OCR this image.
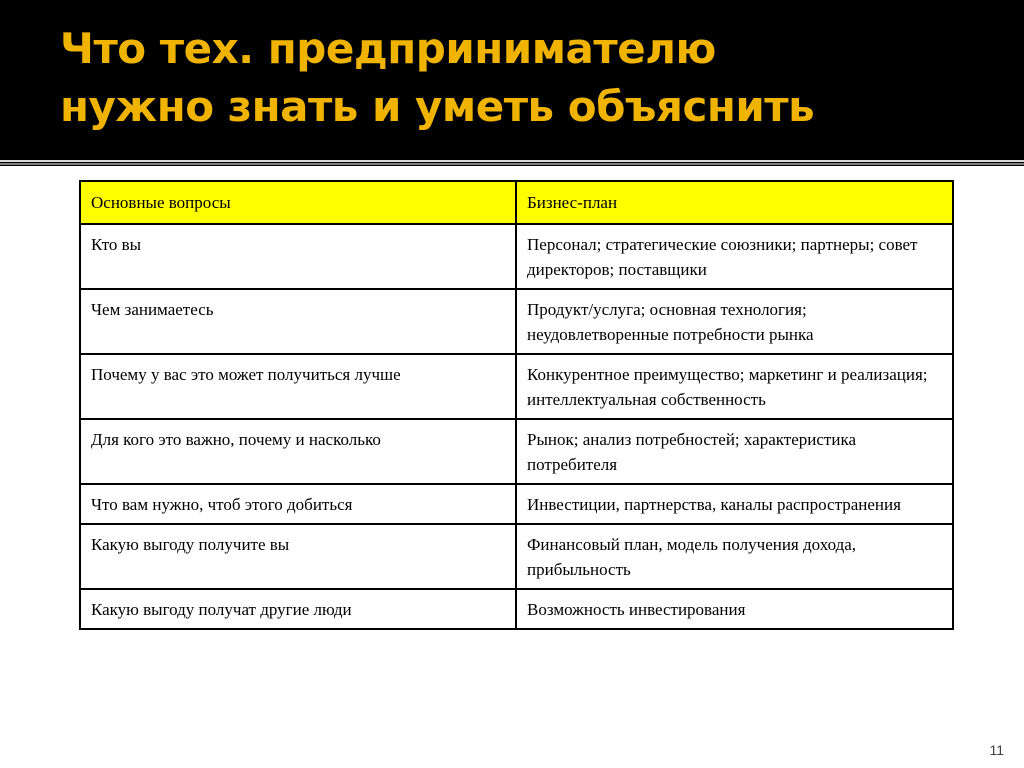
Что тех. предпринимателю
нужно знать и уметь объяснить
Основные вопросы	Бизнес-план
Кто вы	Персонал; стратегические союзники; партнеры; совет директоров; поставщики
Чем занимаетесь	Продукт/услуга; основная технология; неудовлетворенные потребности рынка
Почему у вас это может получиться лучше	Конкурентное преимущество; маркетинг и реализация; интеллектуальная собственность
Для кого это важно, почему и насколько	Рынок; анализ потребностей; характеристика потребителя
Что вам нужно, чтоб этого добиться	Инвестиции, партнерства, каналы распространения
Какую выгоду получите вы	Финансовый план, модель получения дохода, прибыльность
Какую выгоду получат другие люди	Возможность инвестирования
11
